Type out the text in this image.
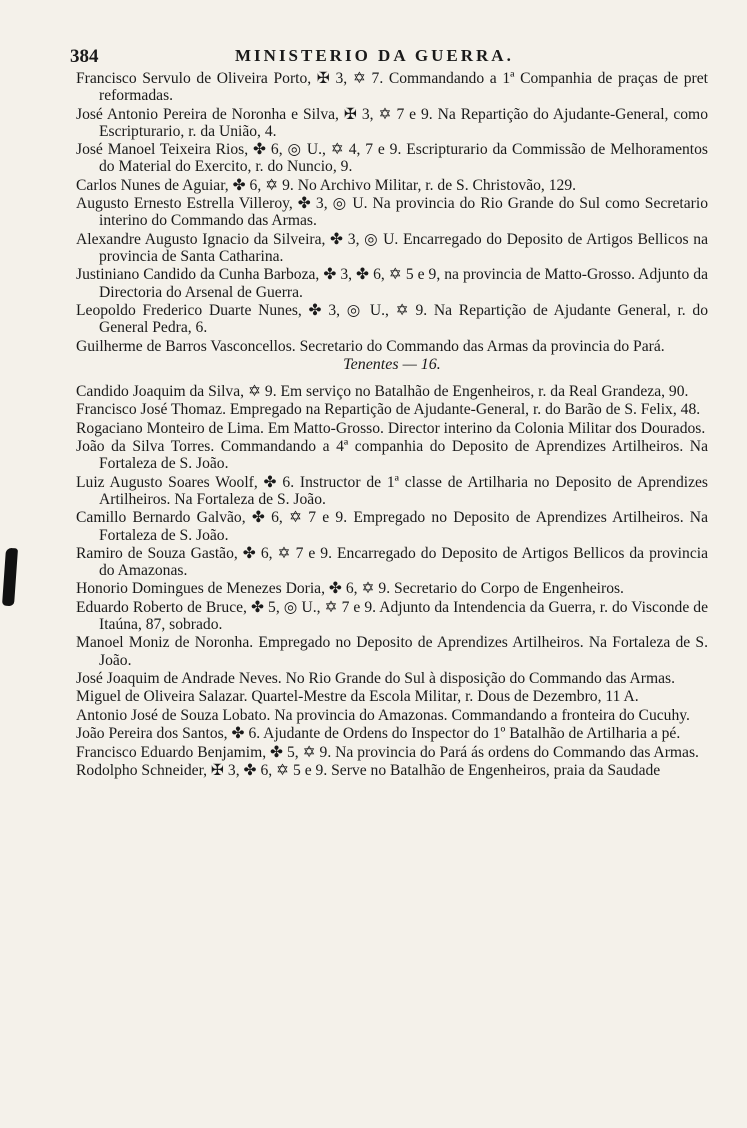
384	MINISTERIO DA GUERRA.

Francisco Servulo de Oliveira Porto, ✠ 3, ✡ 7. Commandando a 1ª Companhia de praças de pret reformadas.

José Antonio Pereira de Noronha e Silva, ✠ 3, ✡ 7 e 9. Na Repartição do Ajudante-General, como Escripturario, r. da União, 4.

José Manoel Teixeira Rios, ✤ 6, ◎ U., ✡ 4, 7 e 9. Escripturario da Commissão de Melhoramentos do Material do Exercito, r. do Nuncio, 9.

Carlos Nunes de Aguiar, ✤ 6, ✡ 9. No Archivo Militar, r. de S. Christovão, 129.

Augusto Ernesto Estrella Villeroy, ✤ 3, ◎ U. Na provincia do Rio Grande do Sul como Secretario interino do Commando das Armas.

Alexandre Augusto Ignacio da Silveira, ✤ 3, ◎ U. Encarregado do Deposito de Artigos Bellicos na provincia de Santa Catharina.

Justiniano Candido da Cunha Barboza, ✤ 3, ✤ 6, ✡ 5 e 9, na provincia de Matto-Grosso. Adjunto da Directoria do Arsenal de Guerra.

Leopoldo Frederico Duarte Nunes, ✤ 3, ◎ U., ✡ 9. Na Repartição de Ajudante General, r. do General Pedra, 6.

Guilherme de Barros Vasconcellos. Secretario do Commando das Armas da provincia do Pará.

Tenentes — 16.

Candido Joaquim da Silva, ✡ 9. Em serviço no Batalhão de Engenheiros, r. da Real Grandeza, 90.

Francisco José Thomaz. Empregado na Repartição de Ajudante-General, r. do Barão de S. Felix, 48.

Rogaciano Monteiro de Lima. Em Matto-Grosso. Director interino da Colonia Militar dos Dourados.

João da Silva Torres. Commandando a 4ª companhia do Deposito de Aprendizes Artilheiros. Na Fortaleza de S. João.

Luiz Augusto Soares Woolf, ✤ 6. Instructor de 1ª classe de Artilharia no Deposito de Aprendizes Artilheiros. Na Fortaleza de S. João.

Camillo Bernardo Galvão, ✤ 6, ✡ 7 e 9. Empregado no Deposito de Aprendizes Artilheiros. Na Fortaleza de S. João.

Ramiro de Souza Gastão, ✤ 6, ✡ 7 e 9. Encarregado do Deposito de Artigos Bellicos da provincia do Amazonas.

Honorio Domingues de Menezes Doria, ✤ 6, ✡ 9. Secretario do Corpo de Engenheiros.

Eduardo Roberto de Bruce, ✤ 5, ◎ U., ✡ 7 e 9. Adjunto da Intendencia da Guerra, r. do Visconde de Itaúna, 87, sobrado.

Manoel Moniz de Noronha. Empregado no Deposito de Aprendizes Artilheiros. Na Fortaleza de S. João.

José Joaquim de Andrade Neves. No Rio Grande do Sul à disposição do Commando das Armas.

Miguel de Oliveira Salazar. Quartel-Mestre da Escola Militar, r. Dous de Dezembro, 11 A.

Antonio José de Souza Lobato. Na provincia do Amazonas. Commandando a fronteira do Cucuhy.

João Pereira dos Santos, ✤ 6. Ajudante de Ordens do Inspector do 1º Batalhão de Artilharia a pé.

Francisco Eduardo Benjamim, ✤ 5, ✡ 9. Na provincia do Pará ás ordens do Commando das Armas.

Rodolpho Schneider, ✠ 3, ✤ 6, ✡ 5 e 9. Serve no Batalhão de Engenheiros, praia da Saudade
